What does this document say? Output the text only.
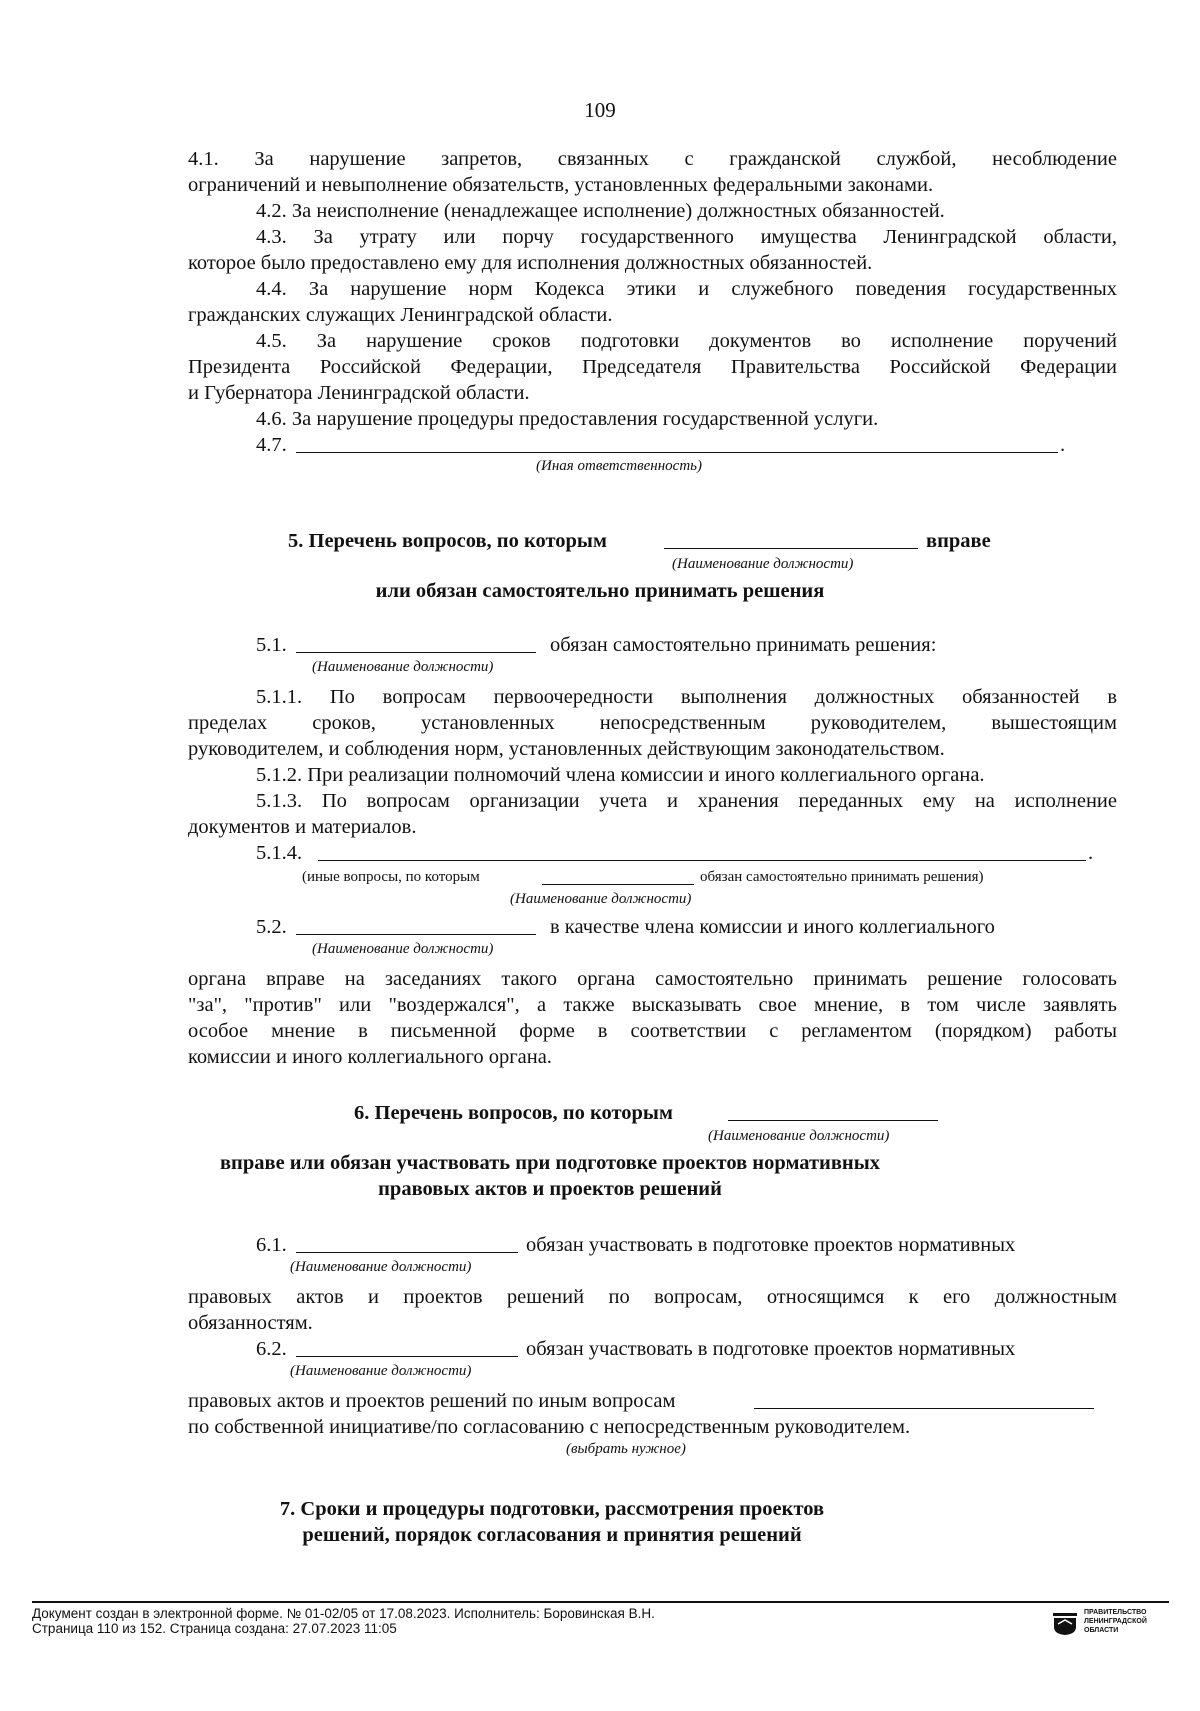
109
4.1. За нарушение запретов, связанных с гражданской службой, несоблюдение
ограничений и невыполнение обязательств, установленных федеральными законами.
4.2. За неисполнение (ненадлежащее исполнение) должностных обязанностей.
4.3. За утрату или порчу государственного имущества Ленинградской области,
которое было предоставлено ему для исполнения должностных обязанностей.
4.4. За нарушение норм Кодекса этики и служебного поведения государственных
гражданских служащих Ленинградской области.
4.5. За нарушение сроков подготовки документов во исполнение поручений
Президента Российской Федерации, Председателя Правительства Российской Федерации
и Губернатора Ленинградской области.
4.6. За нарушение процедуры предоставления государственной услуги.
4.7.	.
(Иная ответственность)
5. Перечень вопросов, по которым	вправе
(Наименование должности)
или обязан самостоятельно принимать решения
5.1.	обязан самостоятельно принимать решения:
(Наименование должности)
5.1.1. По вопросам первоочередности выполнения должностных обязанностей в
пределах сроков, установленных непосредственным руководителем, вышестоящим
руководителем, и соблюдения норм, установленных действующим законодательством.
5.1.2. При реализации полномочий члена комиссии и иного коллегиального органа.
5.1.3. По вопросам организации учета и хранения переданных ему на исполнение
документов и материалов.
5.1.4.	.
(иные вопросы, по которым	обязан самостоятельно принимать решения)
(Наименование должности)
5.2.	в качестве члена комиссии и иного коллегиального
(Наименование должности)
органа вправе на заседаниях такого органа самостоятельно принимать решение голосовать
"за", "против" или "воздержался", а также высказывать свое мнение, в том числе заявлять
особое мнение в письменной форме в соответствии с регламентом (порядком) работы
комиссии и иного коллегиального органа.
6. Перечень вопросов, по которым
(Наименование должности)
вправе или обязан участвовать при подготовке проектов нормативных
правовых актов и проектов решений
6.1.	обязан участвовать в подготовке проектов нормативных
(Наименование должности)
правовых актов и проектов решений по вопросам, относящимся к его должностным
обязанностям.
6.2.	обязан участвовать в подготовке проектов нормативных
(Наименование должности)
правовых актов и проектов решений по иным вопросам
по собственной инициативе/по согласованию с непосредственным руководителем.
(выбрать нужное)
7. Сроки и процедуры подготовки, рассмотрения проектов
решений, порядок согласования и принятия решений
Документ создан в электронной форме. № 01-02/05 от 17.08.2023. Исполнитель: Боровинская В.Н.
Страница 110 из 152. Страница создана: 27.07.2023 11:05
ПРАВИТЕЛЬСТВО
ЛЕНИНГРАДСКОЙ
ОБЛАСТИ
